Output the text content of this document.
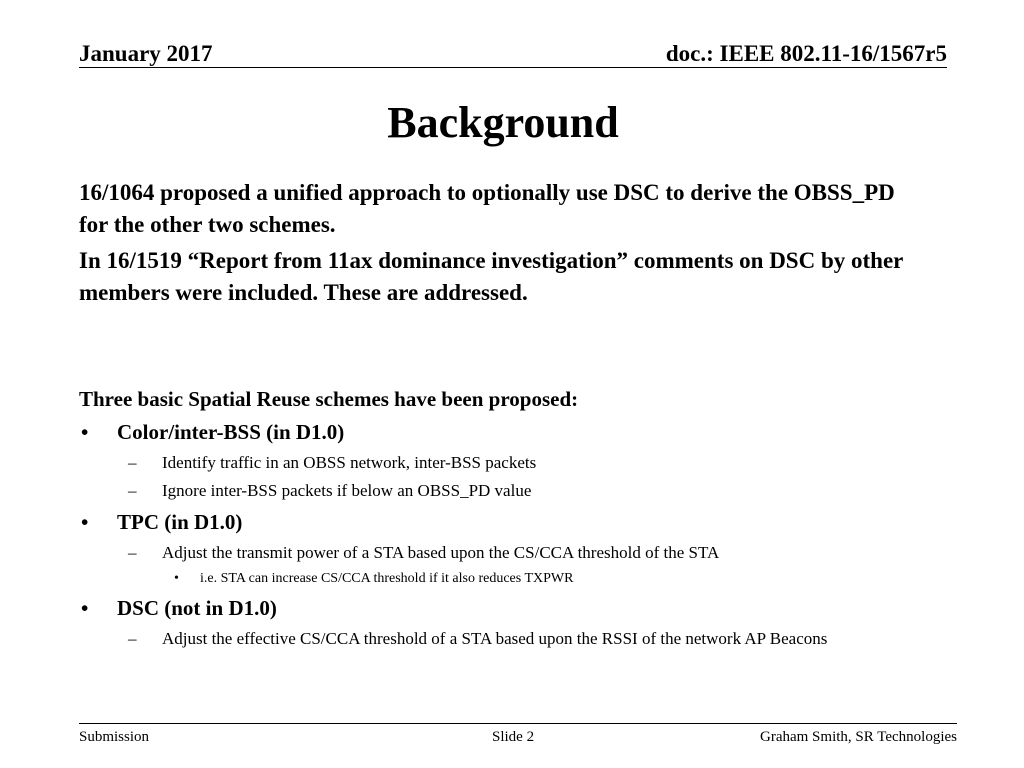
January 2017	doc.: IEEE 802.11-16/1567r5
Background
16/1064 proposed a unified approach to optionally use DSC to derive the OBSS_PD for the other two schemes.
In 16/1519 “Report from 11ax dominance investigation” comments on DSC by other members were included. These are addressed.
Three basic Spatial Reuse schemes have been proposed:
• Color/inter-BSS (in D1.0)
– Identify traffic in an OBSS network, inter-BSS packets
– Ignore inter-BSS packets if below an OBSS_PD value
• TPC (in D1.0)
– Adjust the transmit power of a STA based upon the CS/CCA threshold of the STA
• i.e. STA can increase CS/CCA threshold if it also reduces TXPWR
• DSC (not in D1.0)
– Adjust the effective CS/CCA threshold of a STA based upon the RSSI of the network AP Beacons
Submission	Slide 2	Graham Smith, SR Technologies
